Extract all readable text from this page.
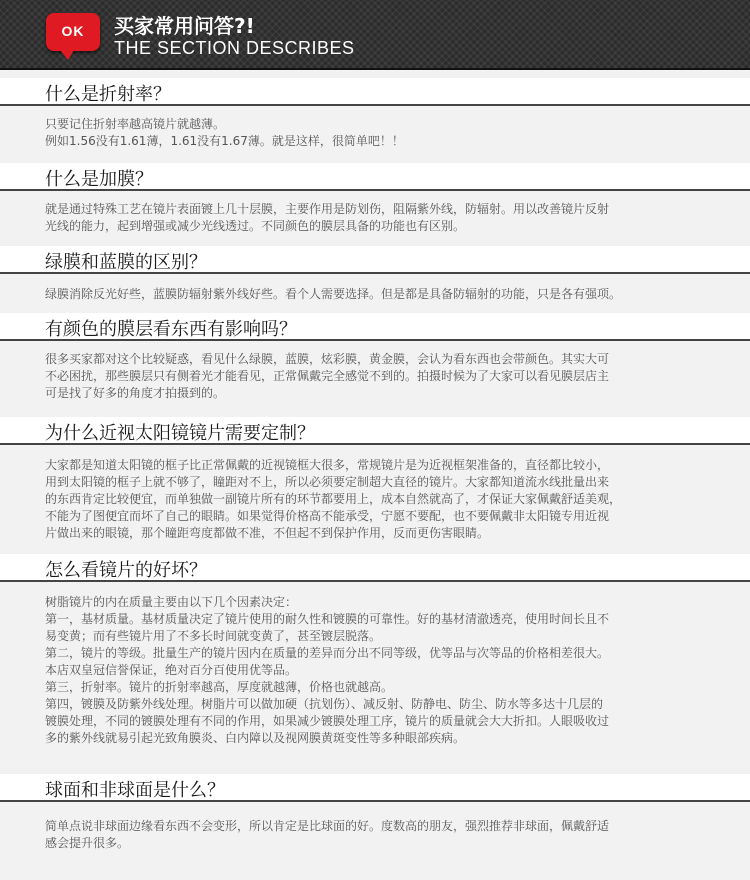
OK	买家常用问答?!
THE SECTION DESCRIBES
什么是折射率？
只要记住折射率越高镜片就越薄。
例如1.56没有1.61薄，1.61没有1.67薄。就是这样，很简单吧！！
什么是加膜？
就是通过特殊工艺在镜片表面镀上几十层膜，主要作用是防划伤，阻隔紫外线，防辐射。用以改善镜片反射
光线的能力，起到增强或减少光线透过。不同颜色的膜层具备的功能也有区别。
绿膜和蓝膜的区别？
绿膜消除反光好些，蓝膜防辐射紫外线好些。看个人需要选择。但是都是具备防辐射的功能，只是各有强项。
有颜色的膜层看东西有影响吗？
很多买家都对这个比较疑惑，看见什么绿膜，蓝膜，炫彩膜，黄金膜，会认为看东西也会带颜色。其实大可
不必困扰，那些膜层只有侧着光才能看见，正常佩戴完全感觉不到的。拍摄时候为了大家可以看见膜层店主
可是找了好多的角度才拍摄到的。
为什么近视太阳镜镜片需要定制？
大家都是知道太阳镜的框子比正常佩戴的近视镜框大很多，常规镜片是为近视框架准备的，直径都比较小，
用到太阳镜的框子上就不够了，瞳距对不上，所以必须要定制超大直径的镜片。大家都知道流水线批量出来
的东西肯定比较便宜，而单独做一副镜片所有的环节都要用上，成本自然就高了，才保证大家佩戴舒适美观，
不能为了图便宜而坏了自己的眼睛。如果觉得价格高不能承受，宁愿不要配，也不要佩戴非太阳镜专用近视
片做出来的眼镜，那个瞳距弯度都做不准，不但起不到保护作用，反而更伤害眼睛。
怎么看镜片的好坏？
树脂镜片的内在质量主要由以下几个因素决定：
第一，基材质量。基材质量决定了镜片使用的耐久性和镀膜的可靠性。好的基材清澈透亮，使用时间长且不
易变黄；而有些镜片用了不多长时间就变黄了，甚至镀层脱落。
第二，镜片的等级。批量生产的镜片因内在质量的差异而分出不同等级，优等品与次等品的价格相差很大。
本店双皇冠信誉保证，绝对百分百使用优等品。
第三，折射率。镜片的折射率越高，厚度就越薄，价格也就越高。
第四，镀膜及防紫外线处理。树脂片可以做加硬（抗划伤）、减反射、防静电、防尘、防水等多达十几层的
镀膜处理，不同的镀膜处理有不同的作用，如果减少镀膜处理工序，镜片的质量就会大大折扣。人眼吸收过
多的紫外线就易引起光致角膜炎、白内障以及视网膜黄斑变性等多种眼部疾病。
球面和非球面是什么？
简单点说非球面边缘看东西不会变形，所以肯定是比球面的好。度数高的朋友，强烈推荐非球面，佩戴舒适
感会提升很多。
